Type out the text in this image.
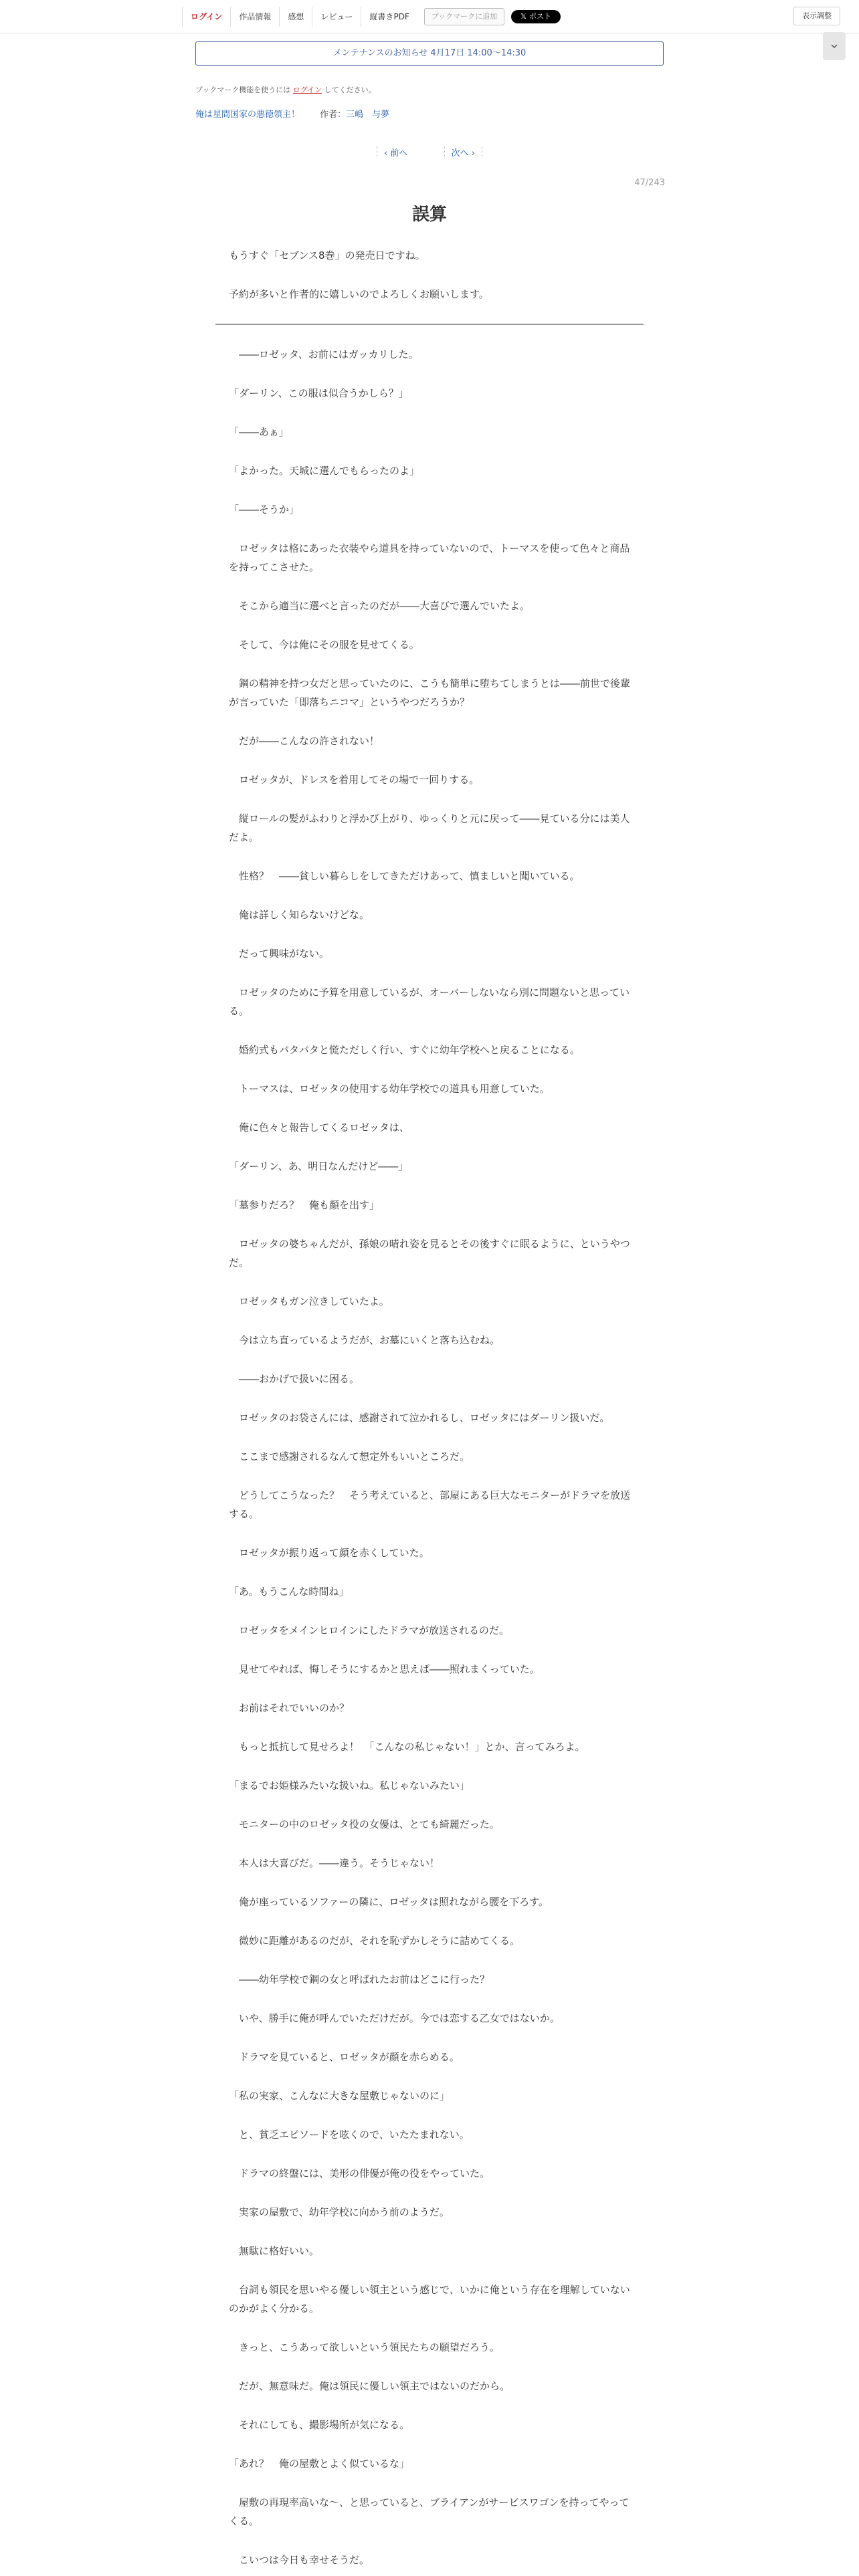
ログイン	作品情報	感想	レビュー	縦書きPDF	ブックマークに追加	𝕏 ポスト	表示調整
メンテナンスのお知らせ 4月17日 14:00～14:30
ブックマーク機能を使うには ログイン してください。
俺は星間国家の悪徳領主！ 作者：三嶋　与夢
‹ 前へ	次へ ›
47/243
誤算

もうすぐ「セブンス8巻」の発売日ですね。

予約が多いと作者的に嬉しいのでよろしくお願いします。

　――ロゼッタ、お前にはガッカリした。

「ダーリン、この服は似合うかしら？」

「――あぁ」

「よかった。天城に選んでもらったのよ」

「――そうか」

　ロゼッタは格にあった衣装やら道具を持っていないので、トーマスを使って色々と商品を持ってこさせた。

　そこから適当に選べと言ったのだが――大喜びで選んでいたよ。

　そして、今は俺にその服を見せてくる。

　鋼の精神を持つ女だと思っていたのに、こうも簡単に堕ちてしまうとは――前世で後輩が言っていた「即落ちニコマ」というやつだろうか？

　だが――こんなの許されない！

　ロゼッタが、ドレスを着用してその場で一回りする。

　縦ロールの髪がふわりと浮かび上がり、ゆっくりと元に戻って――見ている分には美人だよ。

　性格？　――貧しい暮らしをしてきただけあって、慎ましいと聞いている。

　俺は詳しく知らないけどな。

　だって興味がない。

　ロゼッタのために予算を用意しているが、オーバーしないなら別に問題ないと思っている。

　婚約式もバタバタと慌ただしく行い、すぐに幼年学校へと戻ることになる。

　トーマスは、ロゼッタの使用する幼年学校での道具も用意していた。

　俺に色々と報告してくるロゼッタは、

「ダーリン、あ、明日なんだけど――」

「墓参りだろ？　俺も顔を出す」

　ロゼッタの婆ちゃんだが、孫娘の晴れ姿を見るとその後すぐに眠るように、というやつだ。

　ロゼッタもガン泣きしていたよ。

　今は立ち直っているようだが、お墓にいくと落ち込むね。

　――おかげで扱いに困る。

　ロゼッタのお袋さんには、感謝されて泣かれるし、ロゼッタにはダーリン扱いだ。

　ここまで感謝されるなんて想定外もいいところだ。

　どうしてこうなった？　そう考えていると、部屋にある巨大なモニターがドラマを放送する。

　ロゼッタが振り返って顔を赤くしていた。

「あ。もうこんな時間ね」

　ロゼッタをメインヒロインにしたドラマが放送されるのだ。

　見せてやれば、悔しそうにするかと思えば――照れまくっていた。

　お前はそれでいいのか？

　もっと抵抗して見せろよ！　「こんなの私じゃない！」とか、言ってみろよ。

「まるでお姫様みたいな扱いね。私じゃないみたい」

　モニターの中のロゼッタ役の女優は、とても綺麗だった。

　本人は大喜びだ。――違う。そうじゃない！

　俺が座っているソファーの隣に、ロゼッタは照れながら腰を下ろす。

　微妙に距離があるのだが、それを恥ずかしそうに詰めてくる。

　――幼年学校で鋼の女と呼ばれたお前はどこに行った？

　いや、勝手に俺が呼んでいただけだが。今では恋する乙女ではないか。

　ドラマを見ていると、ロゼッタが顔を赤らめる。

「私の実家、こんなに大きな屋敷じゃないのに」

　と、貧乏エピソードを呟くので、いたたまれない。

　ドラマの終盤には、美形の俳優が俺の役をやっていた。

　実家の屋敷で、幼年学校に向かう前のようだ。

　無駄に格好いい。

　台詞も領民を思いやる優しい領主という感じで、いかに俺という存在を理解していないのかがよく分かる。

　きっと、こうあって欲しいという領民たちの願望だろう。

　だが、無意味だ。俺は領民に優しい領主ではないのだから。

　それにしても、撮影場所が気になる。

「あれ？　俺の屋敷とよく似ているな」

　屋敷の再現率高いな～、と思っていると、ブライアンがサービスワゴンを持ってやってくる。

　こいつは今日も幸せそうだ。
